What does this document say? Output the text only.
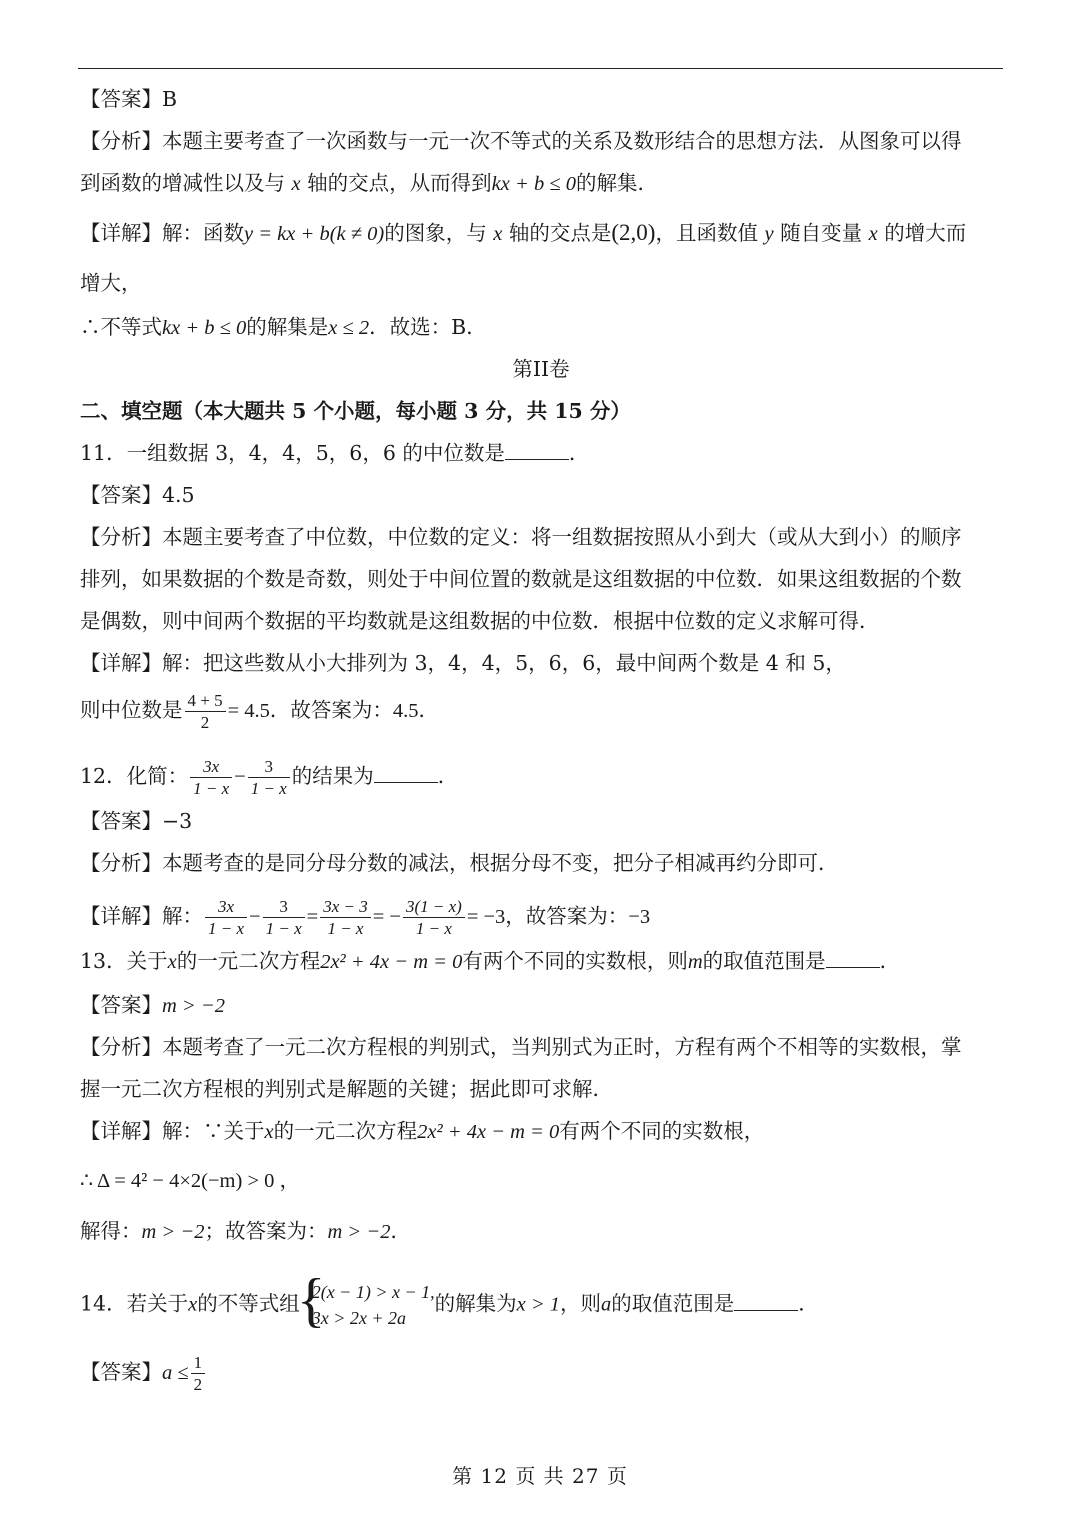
【答案】B
【分析】本题主要考查了一次函数与一元一次不等式的关系及数形结合的思想方法．从图象可以得
到函数的增减性以及与 x 轴的交点，从而得到kx + b ≤ 0的解集．
【详解】解：函数y = kx + b(k ≠ 0)的图象，与 x 轴的交点是(2,0)，且函数值 y 随自变量 x 的增大而
增大，
∴不等式kx + b ≤ 0的解集是x ≤ 2．故选：B．
第II卷
二、填空题（本大题共 5 个小题，每小题 3 分，共 15 分）
11．一组数据 3，4，4，5，6，6 的中位数是	．
【答案】4.5
【分析】本题主要考查了中位数，中位数的定义：将一组数据按照从小到大（或从大到小）的顺序
排列，如果数据的个数是奇数，则处于中间位置的数就是这组数据的中位数．如果这组数据的个数
是偶数，则中间两个数据的平均数就是这组数据的中位数．根据中位数的定义求解可得．
【详解】解：把这些数从小大排列为 3，4，4，5，6，6，最中间两个数是 4 和 5，
则中位数是 $\frac{4 + 5}{2} = 4.5$．故答案为：4.5．
12．化简： $\frac{3x}{1 - x} - \frac{3}{1 - x}$ 的结果为	．
【答案】−3
【分析】本题考查的是同分母分数的减法，根据分母不变，把分子相减再约分即可．
【详解】解： $\frac{3x}{1 - x} - \frac{3}{1 - x} = \frac{3x - 3}{1 - x}$ = − $\frac{3(1 - x)}{1 - x} = -3$，故答案为：−3
13．关于x的一元二次方程2x² + 4x − m = 0有两个不同的实数根，则m的取值范围是	．
【答案】m > −2
【分析】本题考查了一元二次方程根的判别式，当判别式为正时，方程有两个不相等的实数根，掌
握一元二次方程根的判别式是解题的关键；据此即可求解．
【详解】解：∵关于x的一元二次方程2x² + 4x − m = 0有两个不同的实数根，
∴ Δ = 4² − 4×2(−m) > 0 ，
解得：m > −2；故答案为：m > −2．
14．若关于x的不等式组
{ 2(x − 1) > x − 1,
3x > 2x + 2a
的解集为x > 1，则a的取值范围是	．
【答案】$a \le \frac{1}{2}$
第 12 页 共 27 页
